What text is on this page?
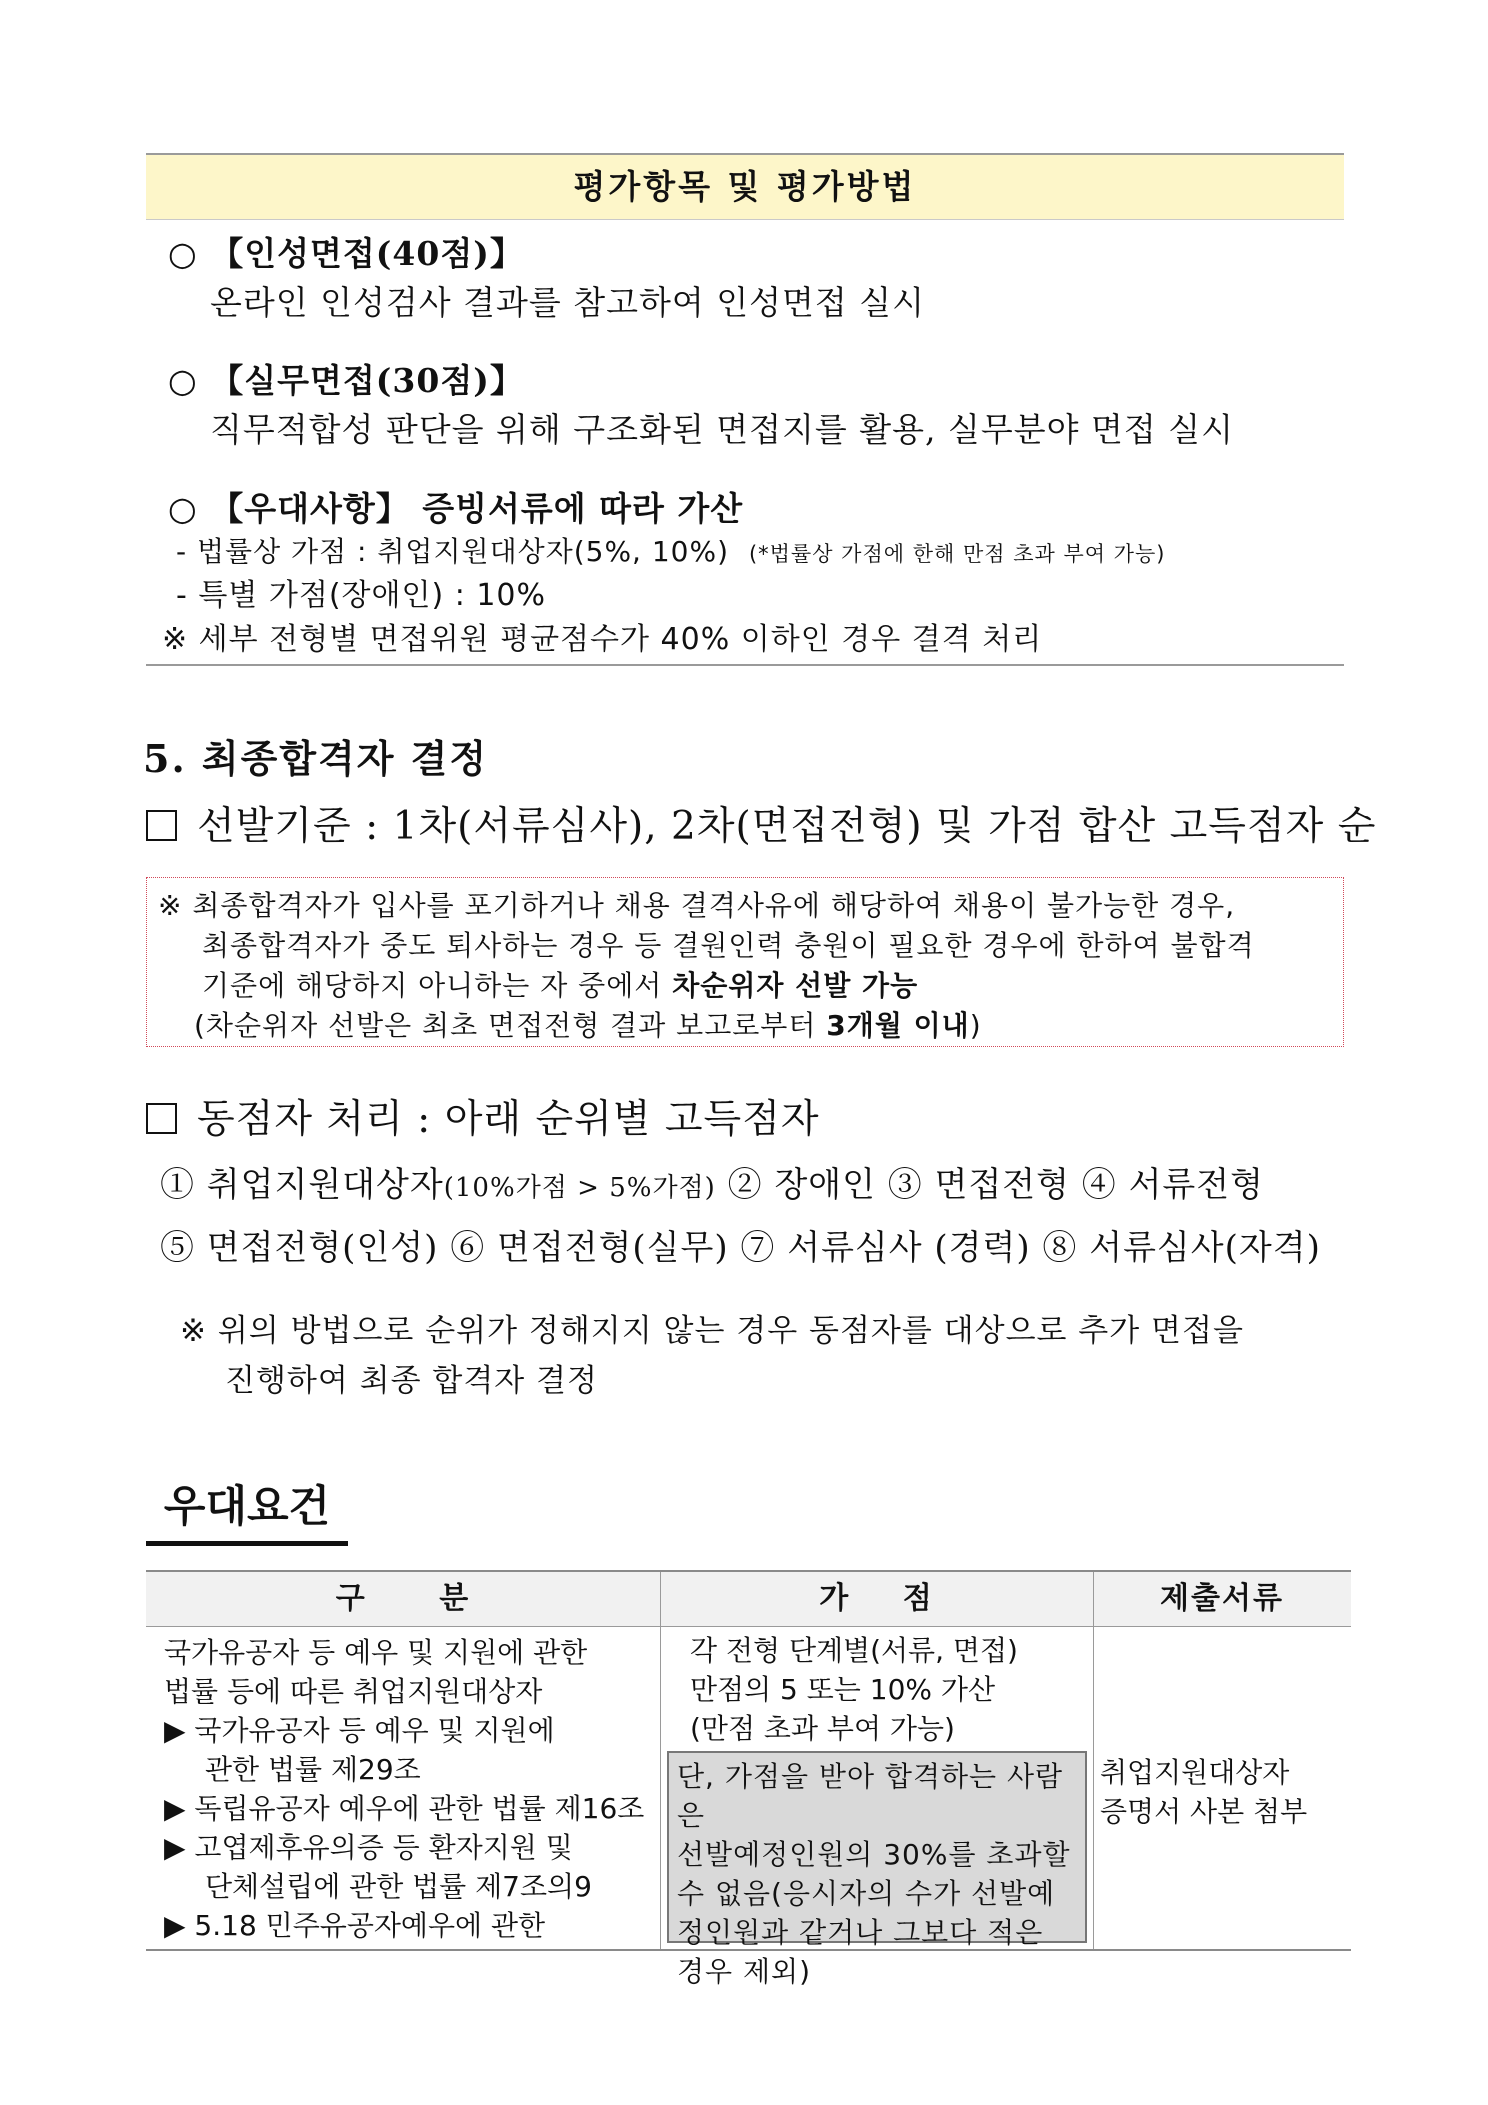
평가항목 및 평가방법
○ 【인성면접(40점)】
온라인 인성검사 결과를 참고하여 인성면접 실시
○ 【실무면접(30점)】
직무적합성 판단을 위해 구조화된 면접지를 활용, 실무분야 면접 실시
○ 【우대사항】 증빙서류에 따라 가산
- 법률상 가점 : 취업지원대상자(5%, 10%) (*법률상 가점에 한해 만점 초과 부여 가능)
- 특별 가점(장애인) : 10%
※ 세부 전형별 면접위원 평균점수가 40% 이하인 경우 결격 처리
5. 최종합격자 결정
선발기준 : 1차(서류심사), 2차(면접전형) 및 가점 합산 고득점자 순
※ 최종합격자가 입사를 포기하거나 채용 결격사유에 해당하여 채용이 불가능한 경우,
최종합격자가 중도 퇴사하는 경우 등 결원인력 충원이 필요한 경우에 한하여 불합격
기준에 해당하지 아니하는 자 중에서 차순위자 선발 가능
(차순위자 선발은 최초 면접전형 결과 보고로부터 3개월 이내)
동점자 처리 : 아래 순위별 고득점자
① 취업지원대상자(10%가점 > 5%가점) ② 장애인 ③ 면접전형 ④ 서류전형
⑤ 면접전형(인성) ⑥ 면접전형(실무) ⑦ 서류심사 (경력) ⑧ 서류심사(자격)
※ 위의 방법으로 순위가 정해지지 않는 경우 동점자를 대상으로 추가 면접을
진행하여 최종 합격자 결정
우대요건
구 분	가 점	제출서류
국가유공자 등 예우 및 지원에 관한
법률 등에 따른 취업지원대상자
▶ 국가유공자 등 예우 및 지원에
관한 법률 제29조
▶ 독립유공자 예우에 관한 법률 제16조
▶ 고엽제후유의증 등 환자지원 및
단체설립에 관한 법률 제7조의9
▶ 5.18 민주유공자예우에 관한
각 전형 단계별(서류, 면접)
만점의 5 또는 10% 가산
(만점 초과 부여 가능)
단, 가점을 받아 합격하는 사람은
선발예정인원의 30%를 초과할
수 없음(응시자의 수가 선발예
정인원과 같거나 그보다 적은
경우 제외)
취업지원대상자
증명서 사본 첨부
